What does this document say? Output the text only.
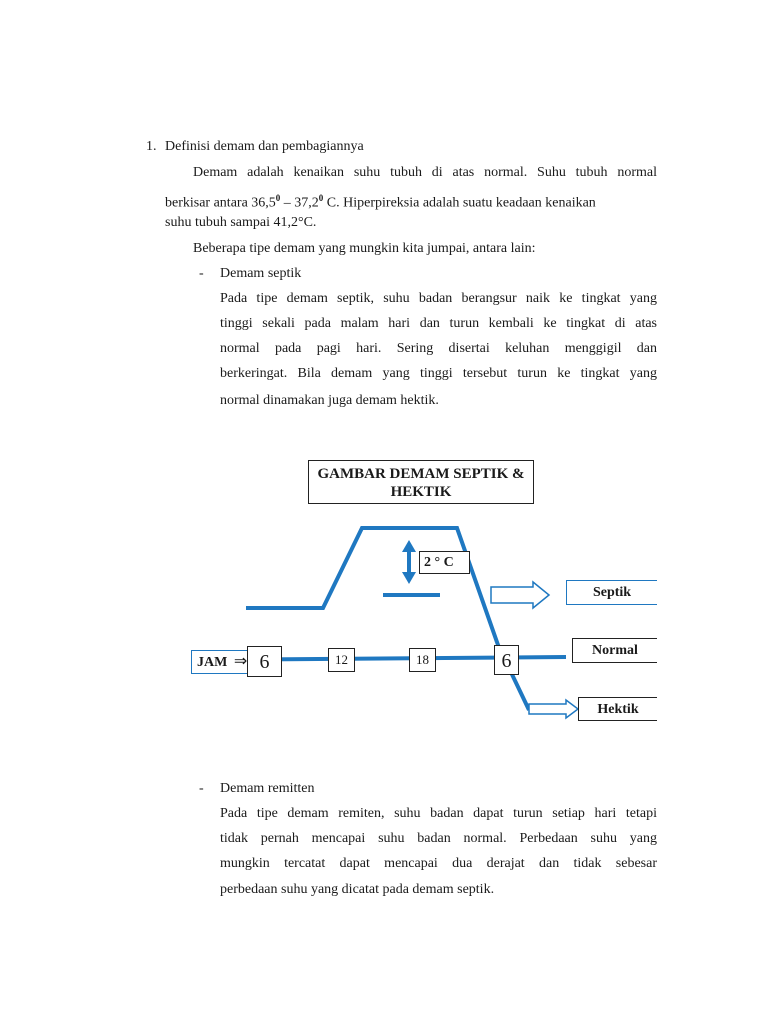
1. Definisi demam dan pembagiannya
Demam adalah kenaikan suhu tubuh di atas normal. Suhu tubuh normal
berkisar antara 36,5$^0$ – 37,2$^0$ C. Hiperpireksia adalah suatu keadaan kenaikan
suhu tubuh sampai 41,2°C.
Beberapa tipe demam yang mungkin kita jumpai, antara lain:
- Demam septik
Pada tipe demam septik, suhu badan berangsur naik ke tingkat yang
tinggi sekali pada malam hari dan turun kembali ke tingkat di atas
normal pada pagi hari. Sering disertai keluhan menggigil dan
berkeringat. Bila demam yang tinggi tersebut turun ke tingkat yang
normal dinamakan juga demam hektik.
GAMBAR DEMAM SEPTIK &
HEKTIK
2 ° C
JAM ⇒ 6	12	18	6
Septik
Normal
Hektik
- Demam remitten
Pada tipe demam remiten, suhu badan dapat turun setiap hari tetapi
tidak pernah mencapai suhu badan normal. Perbedaan suhu yang
mungkin tercatat dapat mencapai dua derajat dan tidak sebesar
perbedaan suhu yang dicatat pada demam septik.
